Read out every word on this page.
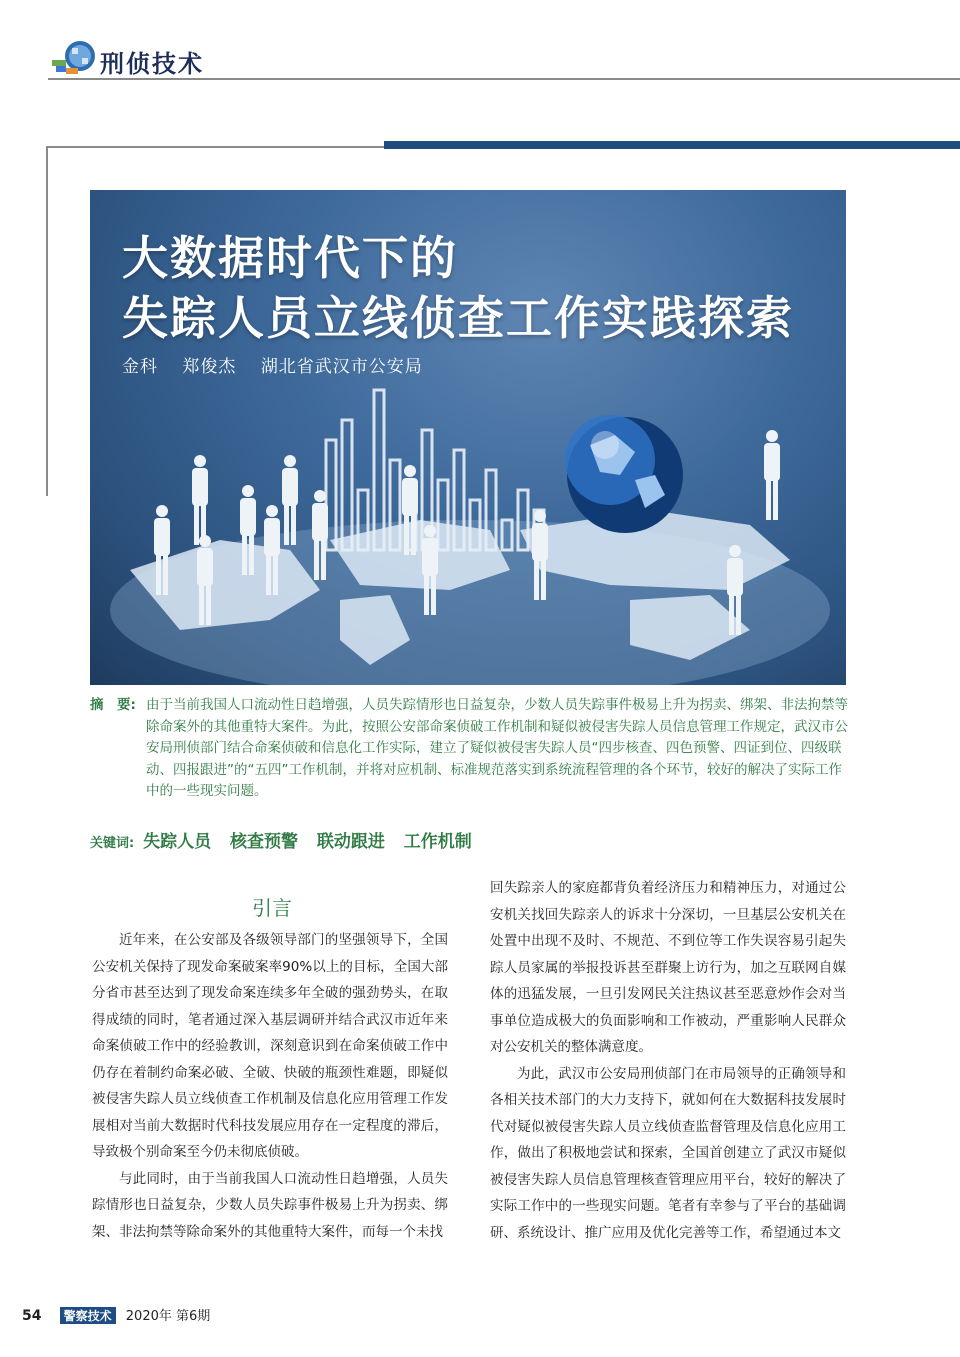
刑侦技术
大数据时代下的
失踪人员立线侦查工作实践探索
金科 郑俊杰 湖北省武汉市公安局
摘　要: 由于当前我国人口流动性日趋增强，人员失踪情形也日益复杂，少数人员失踪事件极易上升为拐卖、绑架、非法拘禁等除命案外的其他重特大案件。为此，按照公安部命案侦破工作机制和疑似被侵害失踪人员信息管理工作规定，武汉市公安局刑侦部门结合命案侦破和信息化工作实际，建立了疑似被侵害失踪人员“四步核查、四色预警、四证到位、四级联动、四报跟进”的“五四”工作机制，并将对应机制、标准规范落实到系统流程管理的各个环节，较好的解决了实际工作中的一些现实问题。
关键词: 失踪人员 核查预警 联动跟进 工作机制
引言

近年来，在公安部及各级领导部门的坚强领导下，全国公安机关保持了现发命案破案率90%以上的目标，全国大部分省市甚至达到了现发命案连续多年全破的强劲势头，在取得成绩的同时，笔者通过深入基层调研并结合武汉市近年来命案侦破工作中的经验教训，深刻意识到在命案侦破工作中仍存在着制约命案必破、全破、快破的瓶颈性难题，即疑似被侵害失踪人员立线侦查工作机制及信息化应用管理工作发展相对当前大数据时代科技发展应用存在一定程度的滞后，导致极个别命案至今仍未彻底侦破。

与此同时，由于当前我国人口流动性日趋增强，人员失踪情形也日益复杂，少数人员失踪事件极易上升为拐卖、绑架、非法拘禁等除命案外的其他重特大案件，而每一个未找

回失踪亲人的家庭都背负着经济压力和精神压力，对通过公安机关找回失踪亲人的诉求十分深切，一旦基层公安机关在处置中出现不及时、不规范、不到位等工作失误容易引起失踪人员家属的举报投诉甚至群聚上访行为，加之互联网自媒体的迅猛发展，一旦引发网民关注热议甚至恶意炒作会对当事单位造成极大的负面影响和工作被动，严重影响人民群众对公安机关的整体满意度。

为此，武汉市公安局刑侦部门在市局领导的正确领导和各相关技术部门的大力支持下，就如何在大数据科技发展时代对疑似被侵害失踪人员立线侦查监督管理及信息化应用工作，做出了积极地尝试和探索，全国首创建立了武汉市疑似被侵害失踪人员信息管理核查管理应用平台，较好的解决了实际工作中的一些现实问题。笔者有幸参与了平台的基础调研、系统设计、推广应用及优化完善等工作，希望通过本文

54 警察技术 2020年 第6期
